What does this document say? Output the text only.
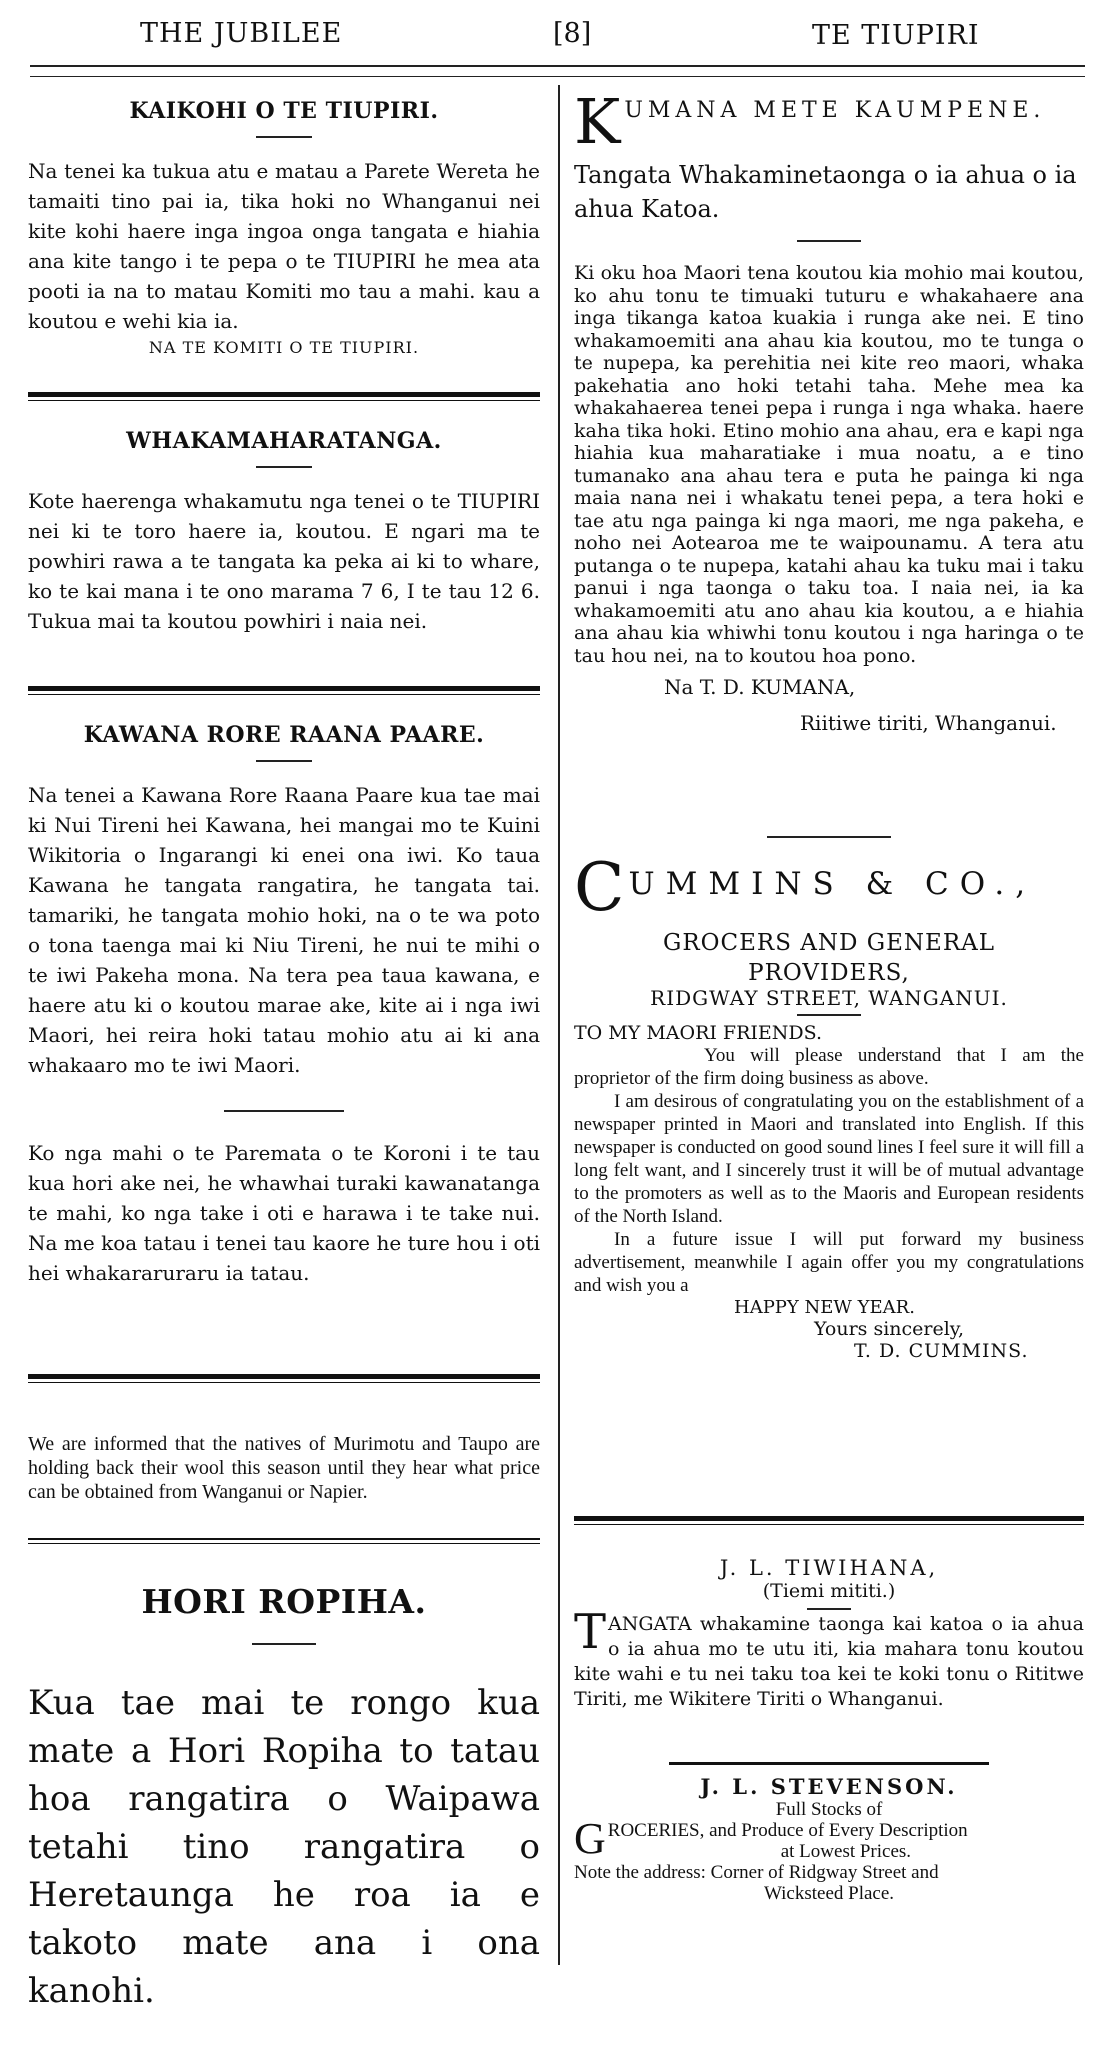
THE JUBILEE	[8]	TE TIUPIRI
KAIKOHI O TE TIUPIRI.

Na tenei ka tukua atu e matau a Parete Wereta he tamaiti tino pai ia, tika hoki no Whanganui nei kite kohi haere inga ingoa onga tangata e hiahia ana kite tango i te pepa o te TIUPIRI he mea ata pooti ia na to matau Komiti mo tau a mahi. kau a koutou e wehi kia ia.

NA TE KOMITI O TE TIUPIRI.
WHAKAMAHARATANGA.

Kote haerenga whakamutu nga tenei o te TIUPIRI nei ki te toro haere ia, koutou. E ngari ma te powhiri rawa a te tangata ka peka ai ki to whare, ko te kai mana i te ono marama 7 6, I te tau 12 6. Tukua mai ta koutou powhiri i naia nei.

KAWANA RORE RAANA PAARE.

Na tenei a Kawana Rore Raana Paare kua tae mai ki Nui Tireni hei Kawana, hei mangai mo te Kuini Wikitoria o Ingarangi ki enei ona iwi. Ko taua Kawana he tangata rangatira, he tangata tai. tamariki, he tangata mohio hoki, na o te wa poto o tona taenga mai ki Niu Tireni, he nui te mihi o te iwi Pakeha mona. Na tera pea taua kawana, e haere atu ki o koutou marae ake, kite ai i nga iwi Maori, hei reira hoki tatau mohio atu ai ki ana whakaaro mo te iwi Maori.

Ko nga mahi o te Paremata o te Koroni i te tau kua hori ake nei, he whawhai turaki kawanatanga te mahi, ko nga take i oti e harawa i te take nui. Na me koa tatau i tenei tau kaore he ture hou i oti hei whakararuraru ia tatau.

We are informed that the natives of Murimotu and Taupo are holding back their wool this season until they hear what price can be obtained from Wanganui or Napier.

HORI ROPIHA.

Kua tae mai te rongo kua mate a Hori Ropiha to tatau hoa rangatira o Waipawa tetahi tino rangatira o Heretaunga he roa ia e takoto mate ana i ona kanohi.

K UMANA METE KAUMPENE.

Tangata Whakaminetaonga o ia ahua o ia ahua Katoa.

Ki oku hoa Maori tena koutou kia mohio mai koutou, ko ahu tonu te timuaki tuturu e whakahaere ana inga tikanga katoa kuakia i runga ake nei. E tino whakamoemiti ana ahau kia koutou, mo te tunga o te nupepa, ka perehitia nei kite reo maori, whaka pakehatia ano hoki tetahi taha. Mehe mea ka whakahaerea tenei pepa i runga i nga whaka. haere kaha tika hoki. Etino mohio ana ahau, era e kapi nga hiahia kua maharatiake i mua noatu, a e tino tumanako ana ahau tera e puta he painga ki nga maia nana nei i whakatu tenei pepa, a tera hoki e tae atu nga painga ki nga maori, me nga pakeha, e noho nei Aotearoa me te waipounamu. A tera atu putanga o te nupepa, katahi ahau ka tuku mai i taku panui i nga taonga o taku toa. I naia nei, ia ka whakamoemiti atu ano ahau kia koutou, a e hiahia ana ahau kia whiwhi tonu koutou i nga haringa o te tau hou nei, na to koutou hoa pono.

Na T. D. KUMANA,
Riitiwe tiriti, Whanganui.
C UMMINS & CO.,
GROCERS AND GENERAL
PROVIDERS,
RIDGWAY STREET, WANGANUI.
TO MY MAORI FRIENDS.

You will please understand that I am the proprietor of the firm doing business as above.

I am desirous of congratulating you on the establishment of a newspaper printed in Maori and translated into English. If this newspaper is conducted on good sound lines I feel sure it will fill a long felt want, and I sincerely trust it will be of mutual advantage to the promoters as well as to the Maoris and European residents of the North Island.

In a future issue I will put forward my business advertisement, meanwhile I again offer you my congratulations and wish you a

HAPPY NEW YEAR.
Yours sincerely,
T. D. CUMMINS.
J. L. TIWIHANA,
(Tiemi mititi.)

TANGATA whakamine taonga kai katoa o ia ahua o ia ahua mo te utu iti, kia mahara tonu koutou kite wahi e tu nei taku toa kei te koki tonu o Rititwe Tiriti, me Wikitere Tiriti o Whanganui.

J. L. STEVENSON.
Full Stocks of
GROCERIES, and Produce of Every Description
at Lowest Prices.
Note the address: Corner of Ridgway Street and
Wicksteed Place.
